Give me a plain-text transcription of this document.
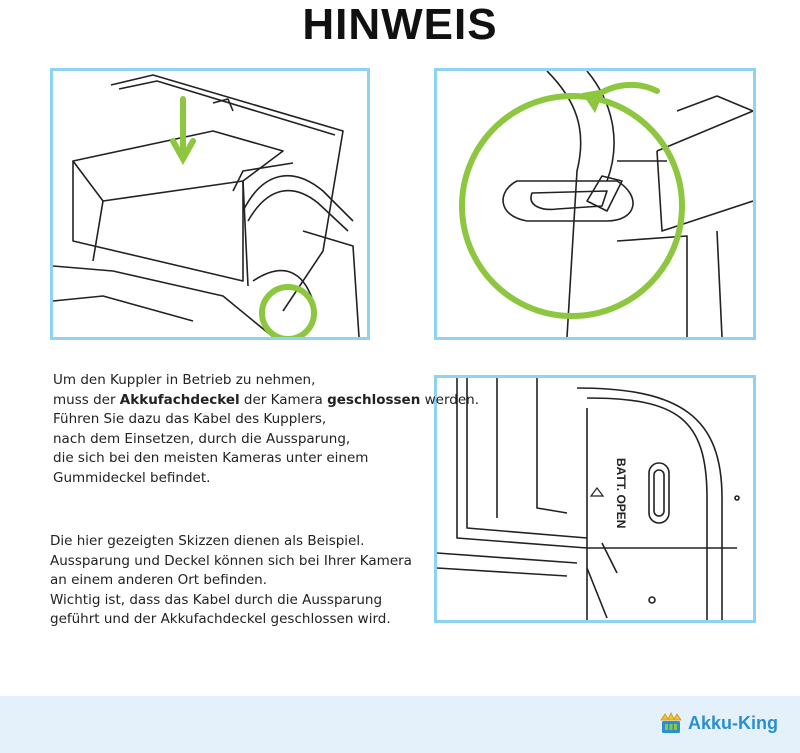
HINWEIS
BATT. OPEN
Um den Kuppler in Betrieb zu nehmen,
muss der Akkufachdeckel der Kamera geschlossen werden.
Führen Sie dazu das Kabel des Kupplers,
nach dem Einsetzen, durch die Aussparung,
die sich bei den meisten Kameras unter einem
Gummideckel befindet.
Die hier gezeigten Skizzen dienen als Beispiel.
Aussparung und Deckel können sich bei Ihrer Kamera
an einem anderen Ort befinden.
Wichtig ist, dass das Kabel durch die Aussparung
geführt und der Akkufachdeckel geschlossen wird.
Akku-King
